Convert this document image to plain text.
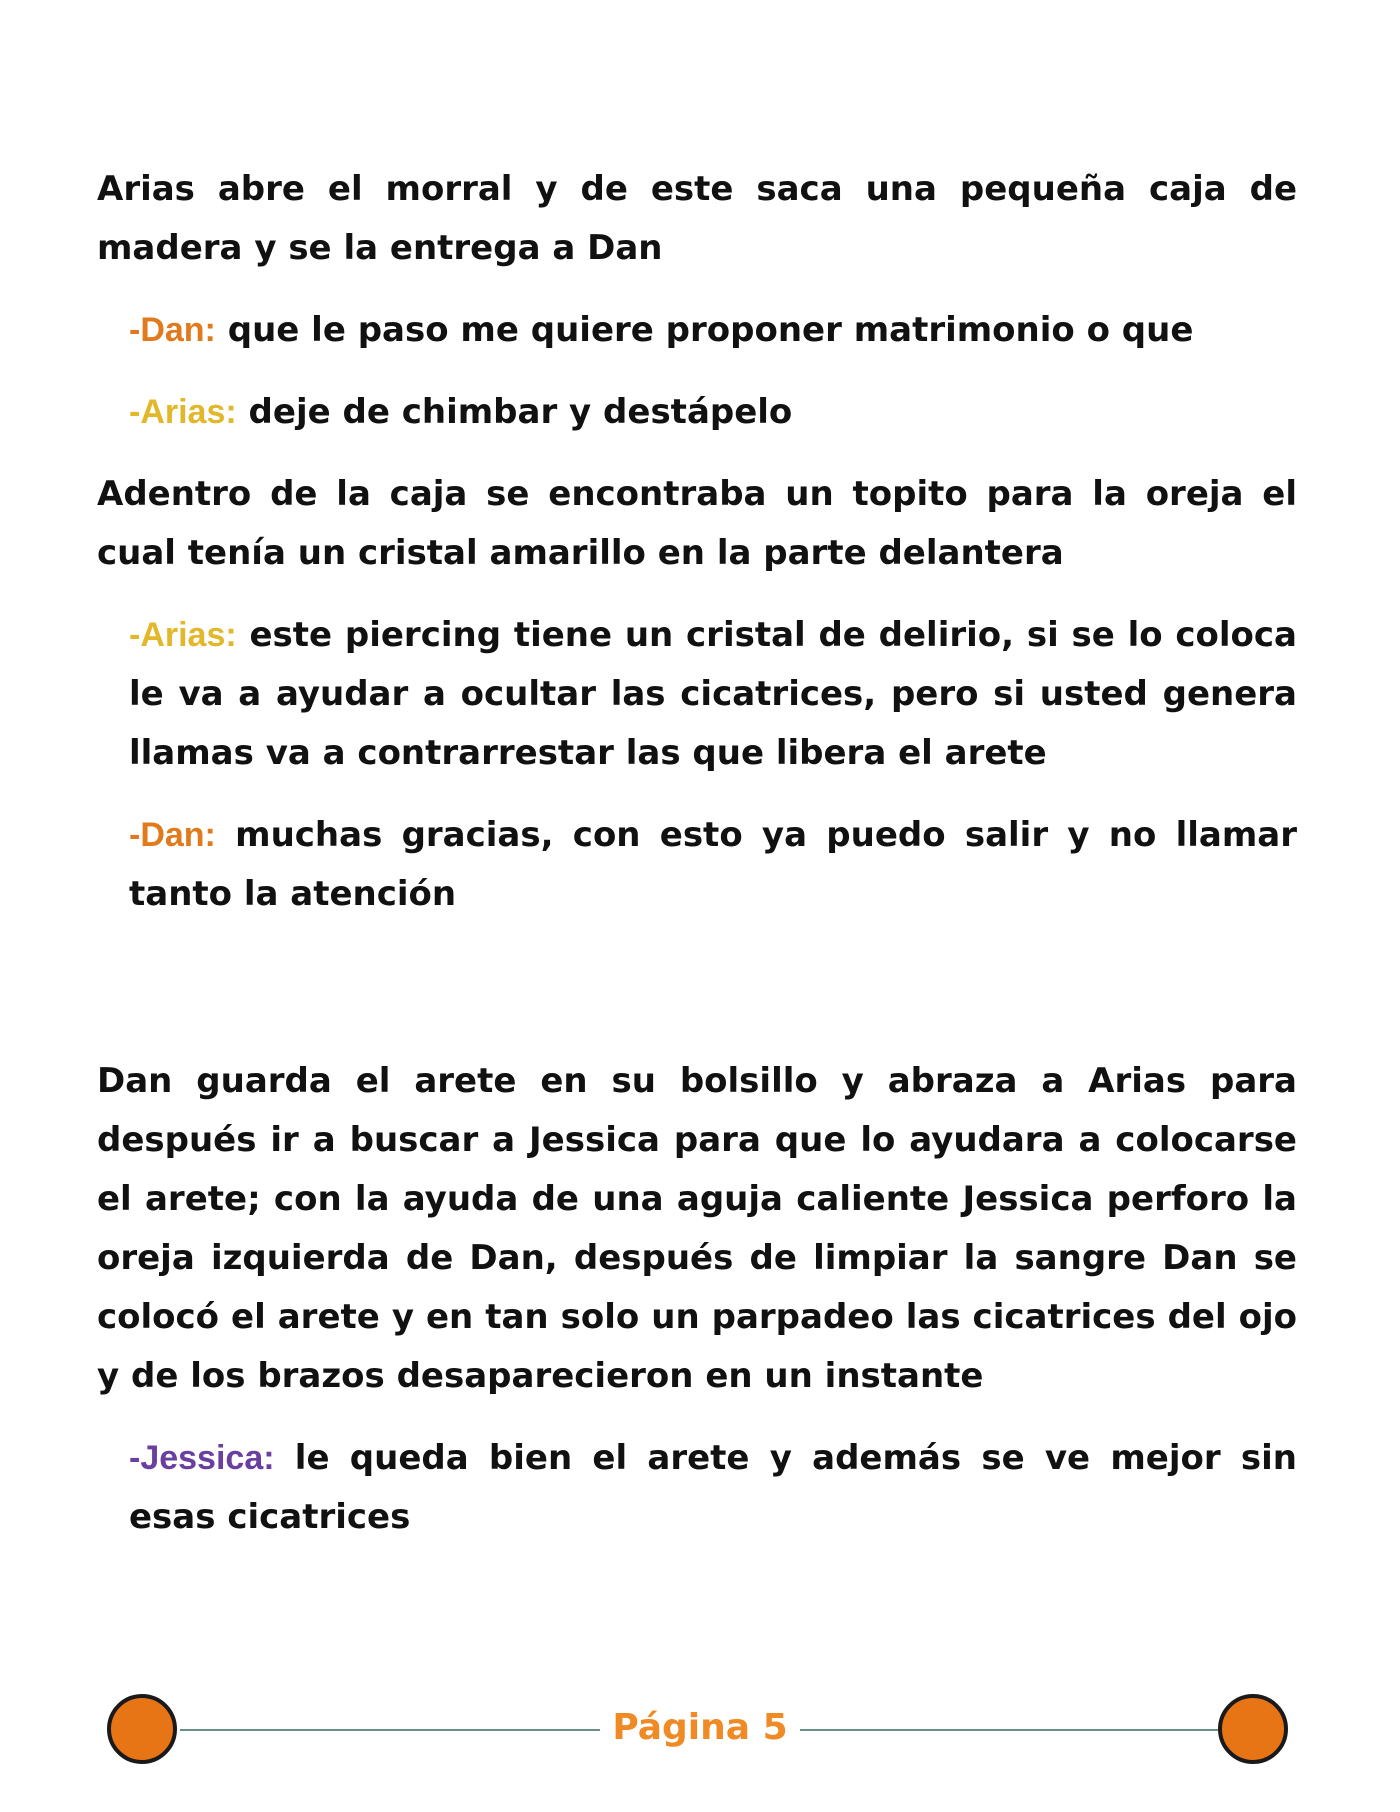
Arias abre el morral y de este saca una pequeña caja de madera y se la entrega a Dan

-Dan: que le paso me quiere proponer matrimonio o que

-Arias: deje de chimbar y destápelo

Adentro de la caja se encontraba un topito para la oreja el cual tenía un cristal amarillo en la parte delantera

-Arias: este piercing tiene un cristal de delirio, si se lo coloca le va a ayudar a ocultar las cicatrices, pero si usted genera llamas va a contrarrestar las que libera el arete

-Dan: muchas gracias, con esto ya puedo salir y no llamar tanto la atención

Dan guarda el arete en su bolsillo y abraza a Arias para después ir a buscar a Jessica para que lo ayudara a colocarse el arete; con la ayuda de una aguja caliente Jessica perforo la oreja izquierda de Dan, después de limpiar la sangre Dan se colocó el arete y en tan solo un parpadeo las cicatrices del ojo y de los brazos desaparecieron en un instante

-Jessica: le queda bien el arete y además se ve mejor sin esas cicatrices

Página 5
